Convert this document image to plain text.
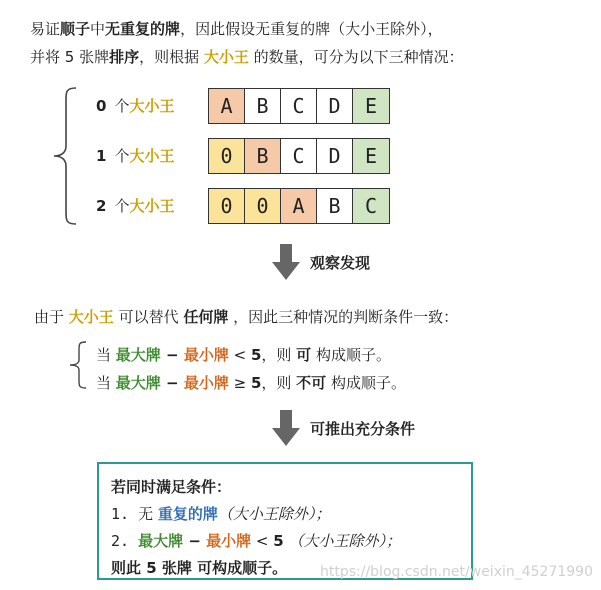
易证顺子中无重复的牌，因此假设无重复的牌（大小王除外），
并将 5 张牌排序，则根据 大小王 的数量，可分为以下三种情况：
0 个大小王	A	B	C	D	E
1 个大小王	0	B	C	D	E
2 个大小王	0	0	A	B	C
观察发现
由于 大小王 可以替代 任何牌 ，因此三种情况的判断条件一致：
当 最大牌 − 最小牌 < 5，则 可 构成顺子。
当 最大牌 − 最小牌 ≥ 5，则 不可 构成顺子。
可推出充分条件
若同时满足条件：
1. 无 重复的牌（大小王除外）；
2. 最大牌 − 最小牌 < 5 （大小王除外）；
则此 5 张牌 可构成顺子。	https://blog.csdn.net/weixin_45271990
